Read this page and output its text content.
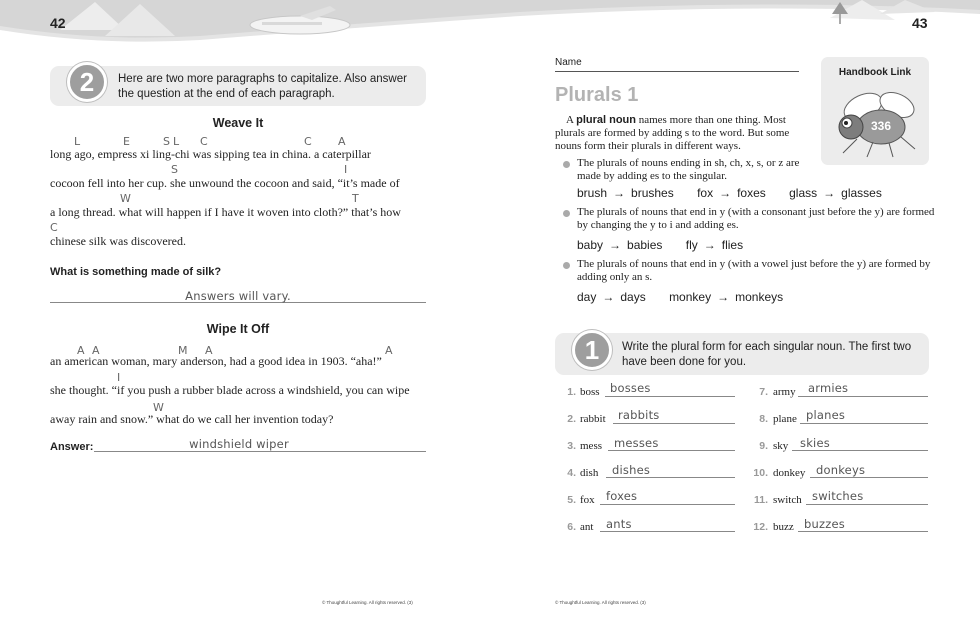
42
2	Here are two more paragraphs to capitalize. Also answer
the question at the end of each paragraph.
Weave It
L	E	S L C	C A
long ago, empress xi ling-chi was sipping tea in china. a caterpillar
S	I
cocoon fell into her cup. she unwound the cocoon and said, “it’s made of
W	T
a long thread. what will happen if I have it woven into cloth?” that’s how
C
chinese silk was discovered.
What is something made of silk?
Answers will vary.
Wipe It Off
A A	M A	A
an american woman, mary anderson, had a good idea in 1903. “aha!”
I
she thought. “if you push a rubber blade across a windshield, you can wipe
W
away rain and snow.” what do we call her invention today?
Answer:	windshield wiper
© Thoughtful Learning. All rights reserved. (3)
43
Name
Plurals 1
Handbook Link
336
A plural noun names more than one thing. Most
plurals are formed by adding s to the word. But some
nouns form their plurals in different ways.
The plurals of nouns ending in sh, ch, x, s, or z are
made by adding es to the singular.
brush → brushes fox → foxes glass → glasses
The plurals of nouns that end in y (with a consonant just before the y) are formed
by changing the y to i and adding es.
baby → babies fly → flies
The plurals of nouns that end in y (with a vowel just before the y) are formed by
adding only an s.
day → days monkey → monkeys
1	Write the plural form for each singular noun. The first two
have been done for you.
1. boss bosses
2. rabbit rabbits
3. mess messes
4. dish dishes
5. fox foxes
6. ant ants
7. army armies
8. plane planes
9. sky skies
10. donkey donkeys
11. switch switches
12. buzz buzzes
© Thoughtful Learning. All rights reserved. (3)
